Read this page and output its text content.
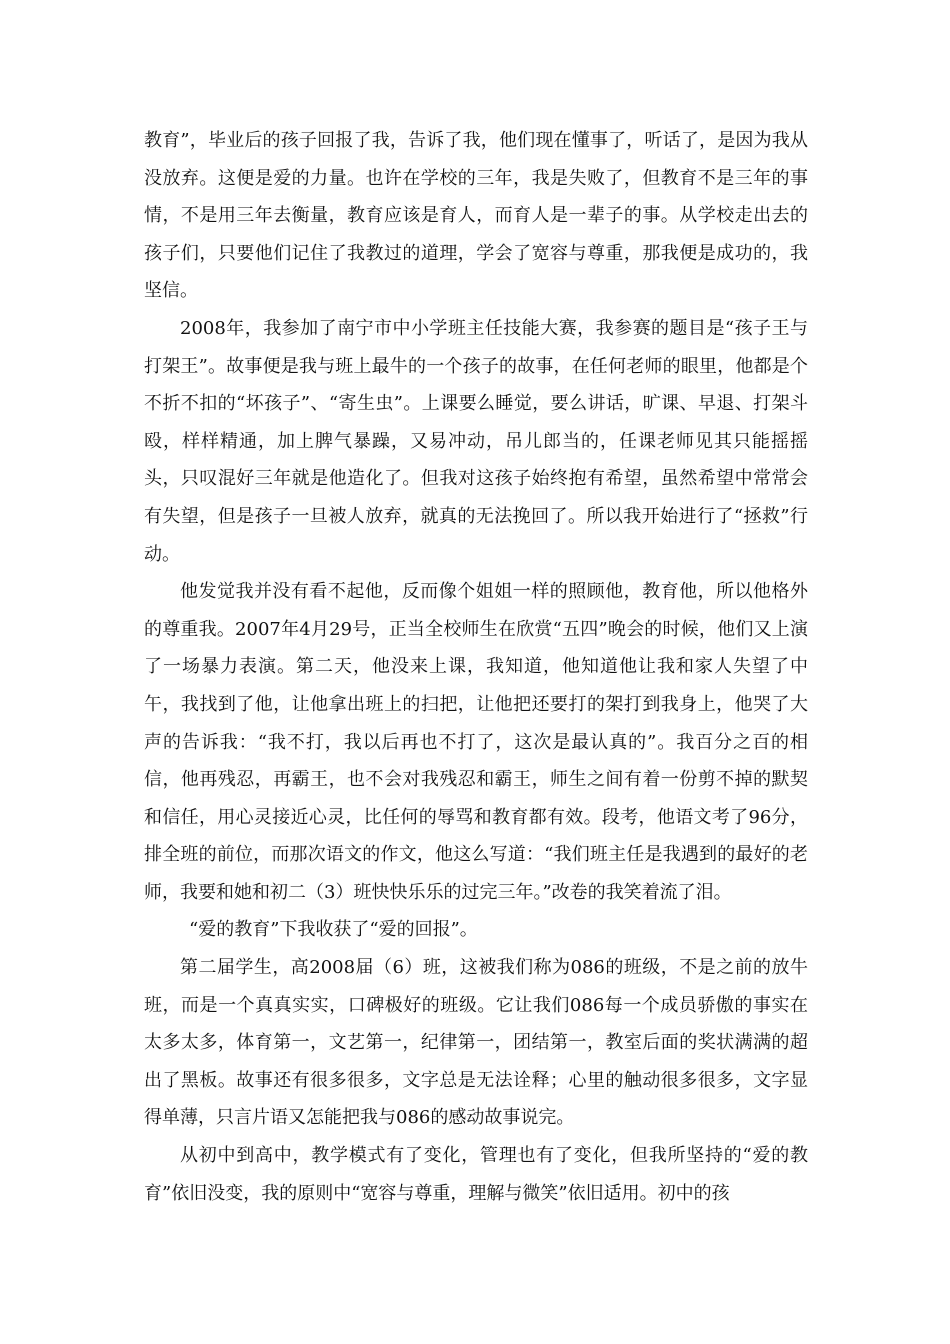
教育”，毕业后的孩子回报了我，告诉了我，他们现在懂事了，听话了，是因为我从没放弃。这便是爱的力量。也许在学校的三年，我是失败了，但教育不是三年的事情，不是用三年去衡量，教育应该是育人，而育人是一辈子的事。从学校走出去的孩子们，只要他们记住了我教过的道理，学会了宽容与尊重，那我便是成功的，我坚信。

2008年，我参加了南宁市中小学班主任技能大赛，我参赛的题目是“孩子王与打架王”。故事便是我与班上最牛的一个孩子的故事，在任何老师的眼里，他都是个不折不扣的“坏孩子”、“寄生虫”。上课要么睡觉，要么讲话，旷课、早退、打架斗殴，样样精通，加上脾气暴躁，又易冲动，吊儿郎当的，任课老师见其只能摇摇头，只叹混好三年就是他造化了。但我对这孩子始终抱有希望，虽然希望中常常会有失望，但是孩子一旦被人放弃，就真的无法挽回了。所以我开始进行了“拯救”行动。

他发觉我并没有看不起他，反而像个姐姐一样的照顾他，教育他，所以他格外的尊重我。2007年4月29号，正当全校师生在欣赏“五四”晚会的时候，他们又上演了一场暴力表演。第二天，他没来上课，我知道，他知道他让我和家人失望了中午，我找到了他，让他拿出班上的扫把，让他把还要打的架打到我身上，他哭了大声的告诉我：“我不打，我以后再也不打了，这次是最认真的”。我百分之百的相信，他再残忍，再霸王，也不会对我残忍和霸王，师生之间有着一份剪不掉的默契和信任，用心灵接近心灵，比任何的辱骂和教育都有效。段考，他语文考了96分，排全班的前位，而那次语文的作文，他这么写道：“我们班主任是我遇到的最好的老师，我要和她和初二（3）班快快乐乐的过完三年。”改卷的我笑着流了泪。

“爱的教育”下我收获了“爱的回报”。

第二届学生，高2008届（6）班，这被我们称为086的班级，不是之前的放牛班，而是一个真真实实，口碑极好的班级。它让我们086每一个成员骄傲的事实在太多太多，体育第一，文艺第一，纪律第一，团结第一，教室后面的奖状满满的超出了黑板。故事还有很多很多，文字总是无法诠释；心里的触动很多很多，文字显得单薄，只言片语又怎能把我与086的感动故事说完。

从初中到高中，教学模式有了变化，管理也有了变化，但我所坚持的“爱的教育”依旧没变，我的原则中“宽容与尊重，理解与微笑”依旧适用。初中的孩
